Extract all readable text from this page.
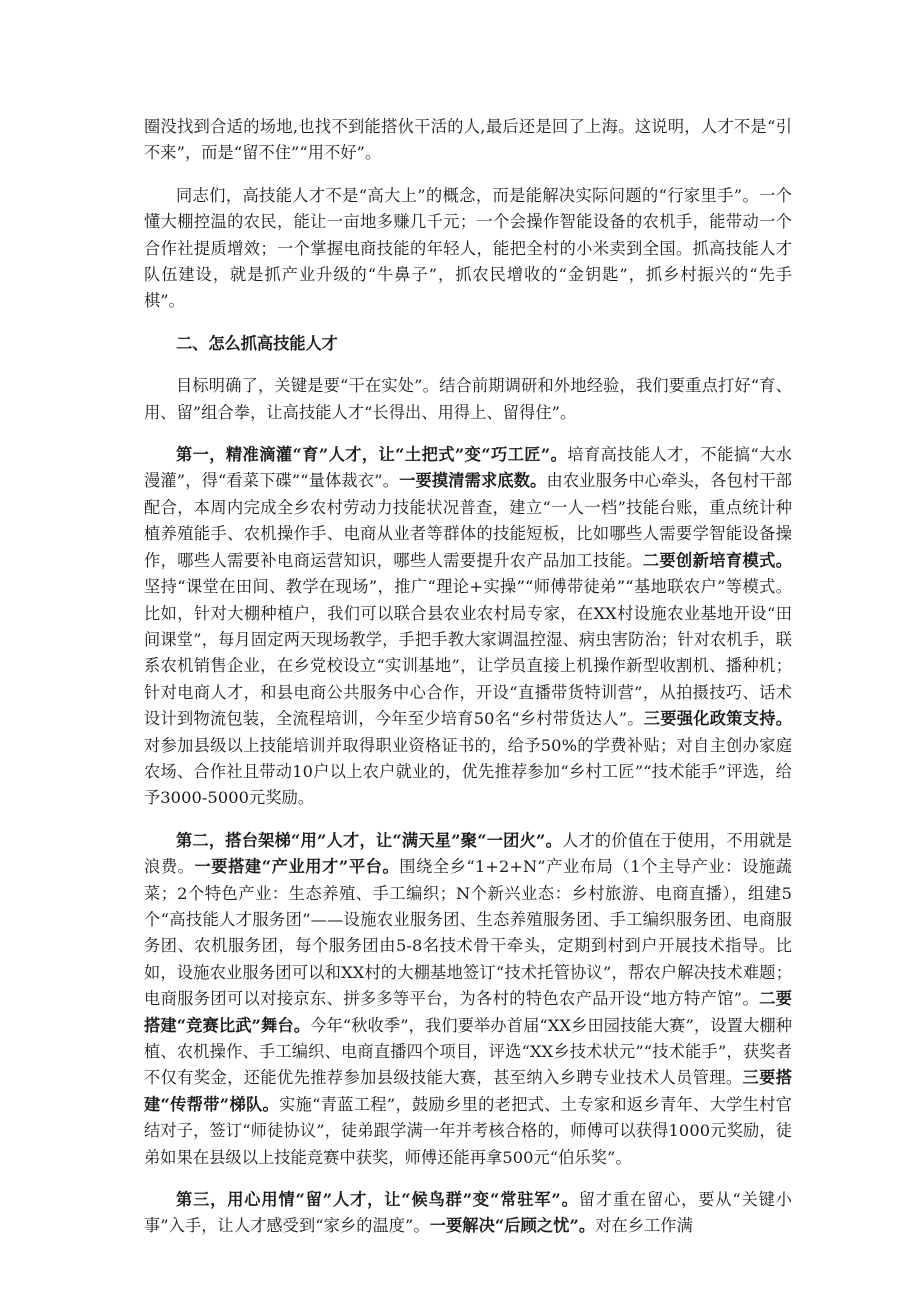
圈没找到合适的场地,也找不到能搭伙干活的人,最后还是回了上海。这说明，人才不是“引不来”，而是“留不住”“用不好”。

同志们，高技能人才不是“高大上”的概念，而是能解决实际问题的“行家里手”。一个懂大棚控温的农民，能让一亩地多赚几千元；一个会操作智能设备的农机手，能带动一个合作社提质增效；一个掌握电商技能的年轻人，能把全村的小米卖到全国。抓高技能人才队伍建设，就是抓产业升级的“牛鼻子”，抓农民增收的“金钥匙”，抓乡村振兴的“先手棋”。

二、怎么抓高技能人才

目标明确了，关键是要“干在实处”。结合前期调研和外地经验，我们要重点打好“育、用、留”组合拳，让高技能人才“长得出、用得上、留得住”。

第一，精准滴灌“育”人才，让“土把式”变“巧工匠”。培育高技能人才，不能搞“大水漫灌”，得“看菜下碟”“量体裁衣”。一要摸清需求底数。由农业服务中心牵头，各包村干部配合，本周内完成全乡农村劳动力技能状况普查，建立“一人一档”技能台账，重点统计种植养殖能手、农机操作手、电商从业者等群体的技能短板，比如哪些人需要学智能设备操作，哪些人需要补电商运营知识，哪些人需要提升农产品加工技能。二要创新培育模式。坚持“课堂在田间、教学在现场”，推广“理论+实操”“师傅带徒弟”“基地联农户”等模式。比如，针对大棚种植户，我们可以联合县农业农村局专家，在XX村设施农业基地开设“田间课堂”，每月固定两天现场教学，手把手教大家调温控湿、病虫害防治；针对农机手，联系农机销售企业，在乡党校设立“实训基地”，让学员直接上机操作新型收割机、播种机；针对电商人才，和县电商公共服务中心合作，开设“直播带货特训营”，从拍摄技巧、话术设计到物流包装，全流程培训，今年至少培育50名“乡村带货达人”。三要强化政策支持。对参加县级以上技能培训并取得职业资格证书的，给予50%的学费补贴；对自主创办家庭农场、合作社且带动10户以上农户就业的，优先推荐参加“乡村工匠”“技术能手”评选，给予3000-5000元奖励。

第二，搭台架梯“用”人才，让“满天星”聚“一团火”。人才的价值在于使用，不用就是浪费。一要搭建“产业用才”平台。围绕全乡“1+2+N”产业布局（1个主导产业：设施蔬菜；2个特色产业：生态养殖、手工编织；N个新兴业态：乡村旅游、电商直播），组建5个“高技能人才服务团”——设施农业服务团、生态养殖服务团、手工编织服务团、电商服务团、农机服务团，每个服务团由5-8名技术骨干牵头，定期到村到户开展技术指导。比如，设施农业服务团可以和XX村的大棚基地签订“技术托管协议”，帮农户解决技术难题；电商服务团可以对接京东、拼多多等平台，为各村的特色农产品开设“地方特产馆”。二要搭建“竞赛比武”舞台。今年“秋收季”，我们要举办首届“XX乡田园技能大赛”，设置大棚种植、农机操作、手工编织、电商直播四个项目，评选“XX乡技术状元”“技术能手”，获奖者不仅有奖金，还能优先推荐参加县级技能大赛，甚至纳入乡聘专业技术人员管理。三要搭建“传帮带”梯队。实施“青蓝工程”，鼓励乡里的老把式、土专家和返乡青年、大学生村官结对子，签订“师徒协议”，徒弟跟学满一年并考核合格的，师傅可以获得1000元奖励，徒弟如果在县级以上技能竞赛中获奖，师傅还能再拿500元“伯乐奖”。

第三，用心用情“留”人才，让“候鸟群”变“常驻军”。留才重在留心，要从“关键小事”入手，让人才感受到“家乡的温度”。一要解决“后顾之忧”。对在乡工作满
